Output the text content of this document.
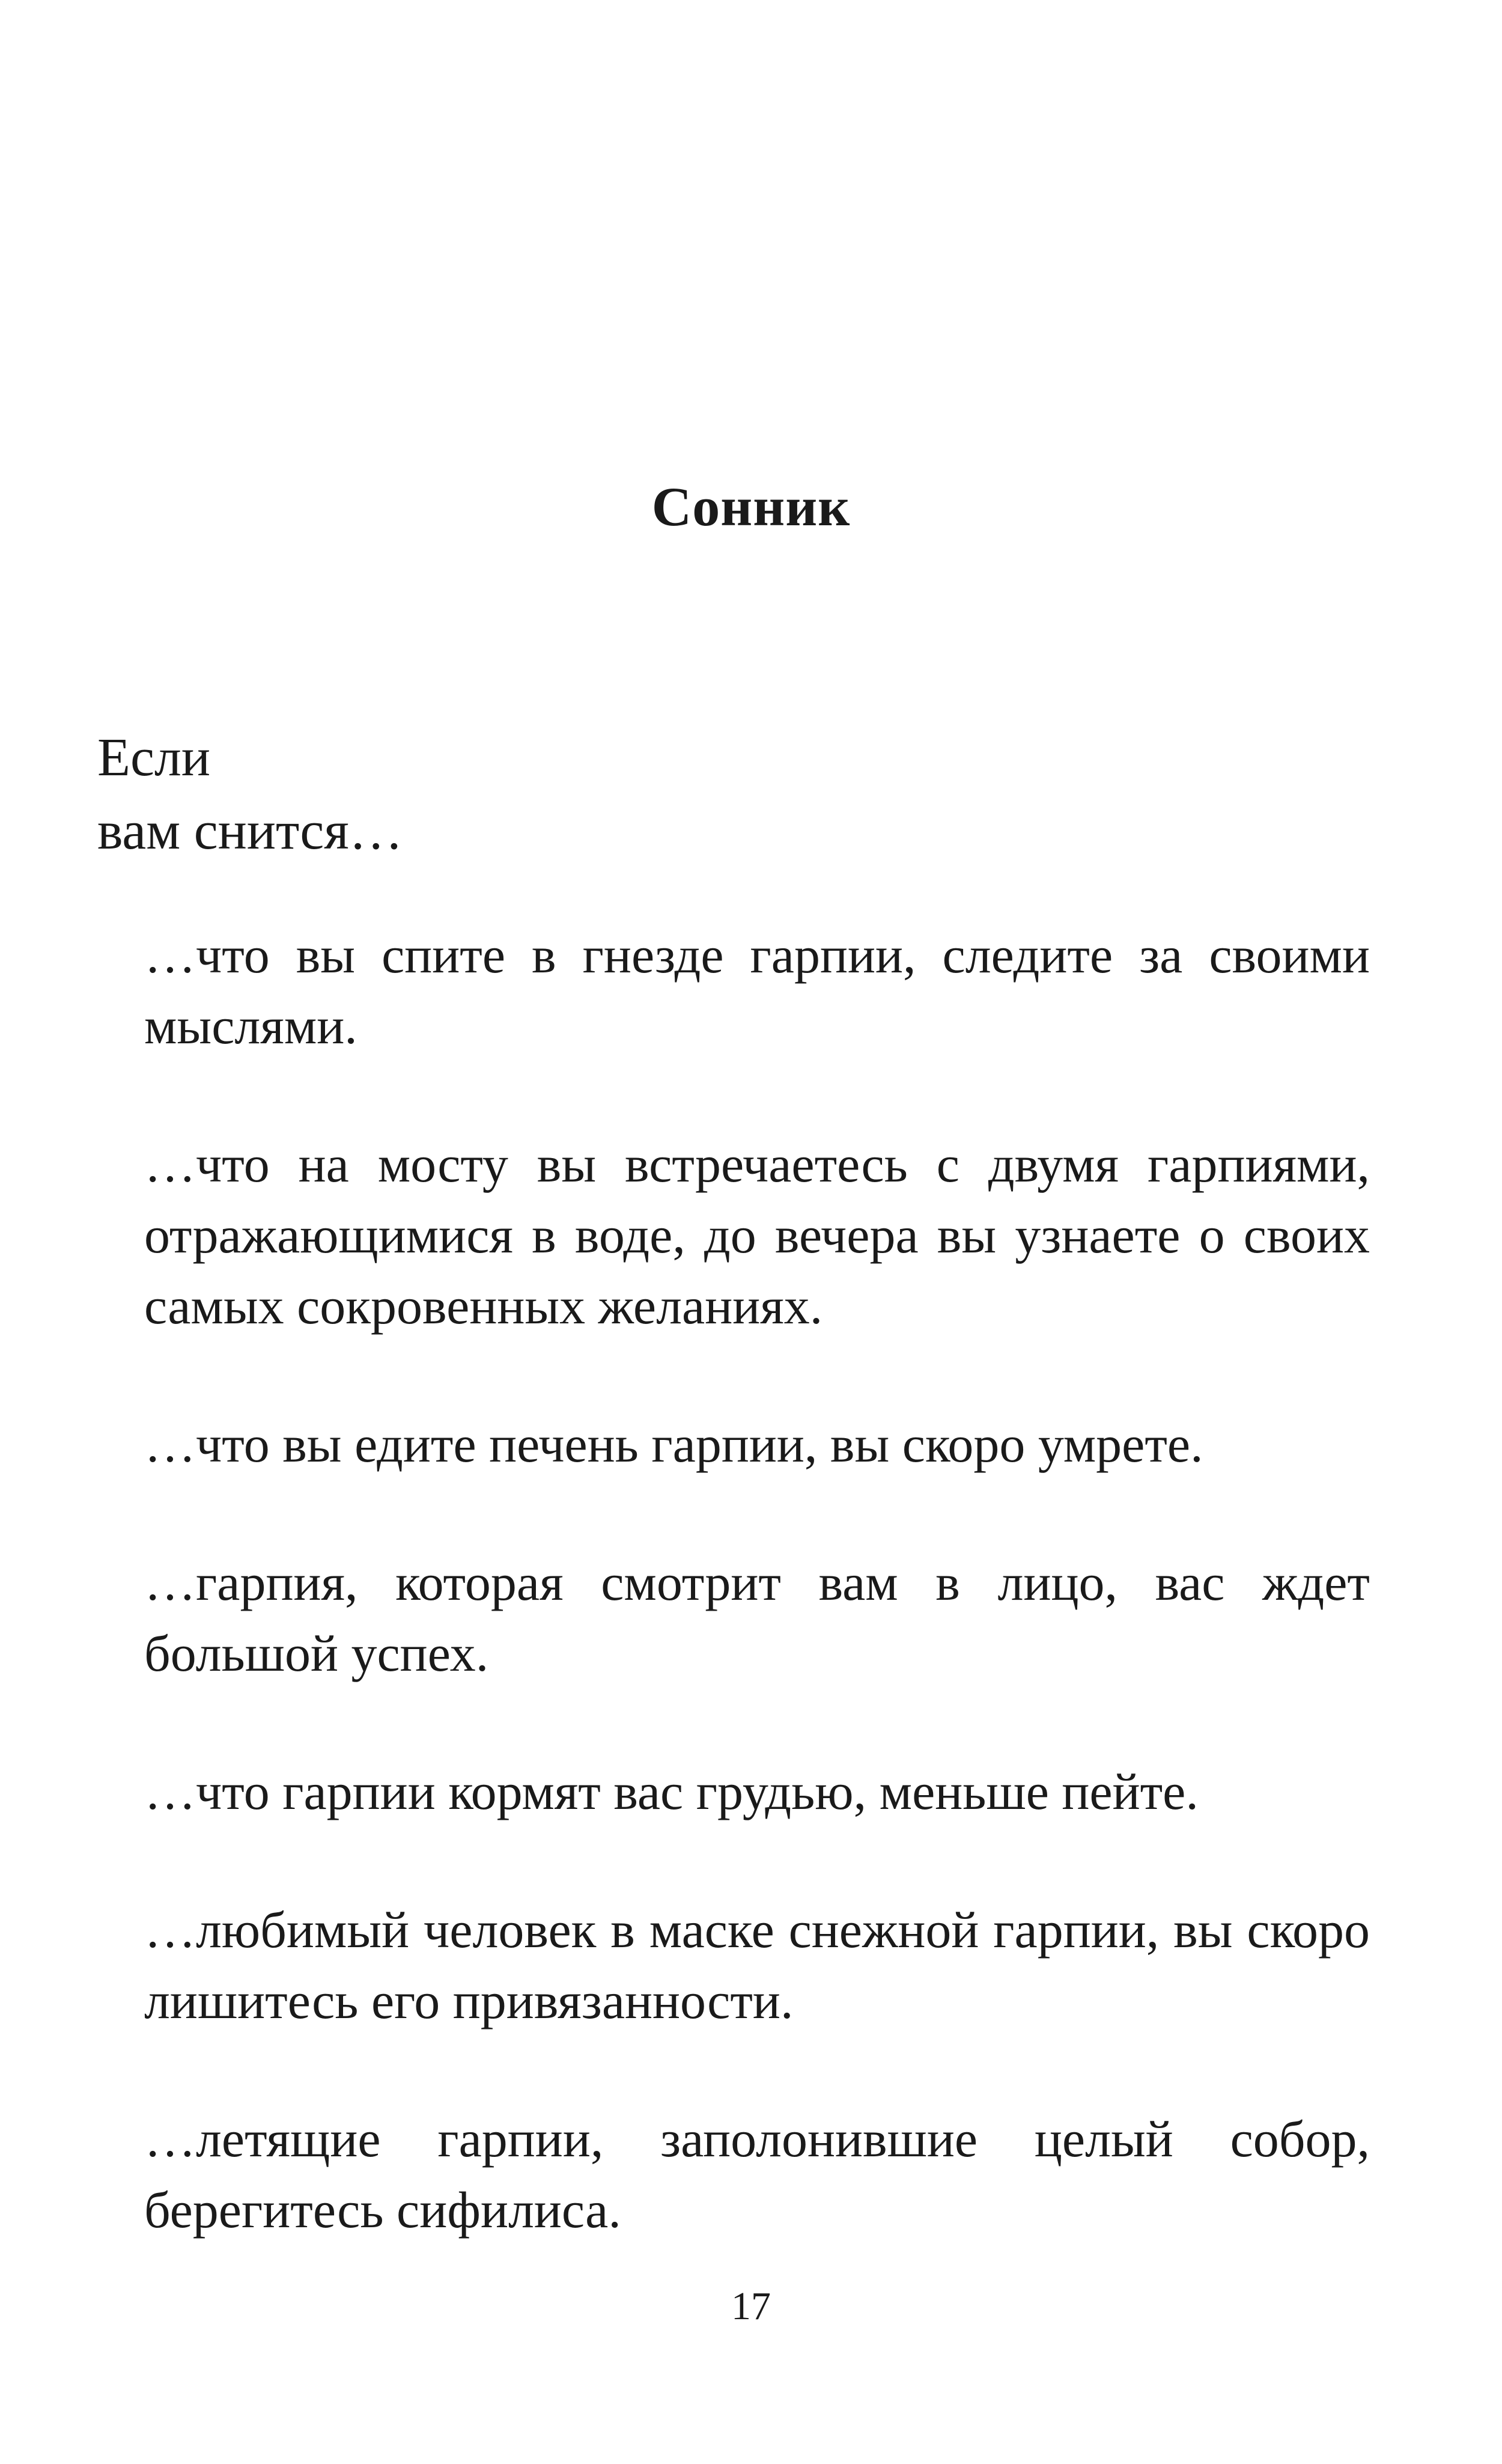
Сонник
Если
вам снится…

…что вы спите в гнезде гарпии, следите за своими мыслями.

…что на мосту вы встречаетесь с двумя гарпиями, отражающимися в воде, до вечера вы узнаете о своих самых сокровенных желаниях.

…что вы едите печень гарпии, вы скоро умрете.

…гарпия, которая смотрит вам в лицо, вас ждет большой успех.

…что гарпии кормят вас грудью, меньше пейте.

…любимый человек в маске снежной гарпии, вы скоро лишитесь его привязанности.

…летящие гарпии, заполонившие целый собор, берегитесь сифилиса.

17
